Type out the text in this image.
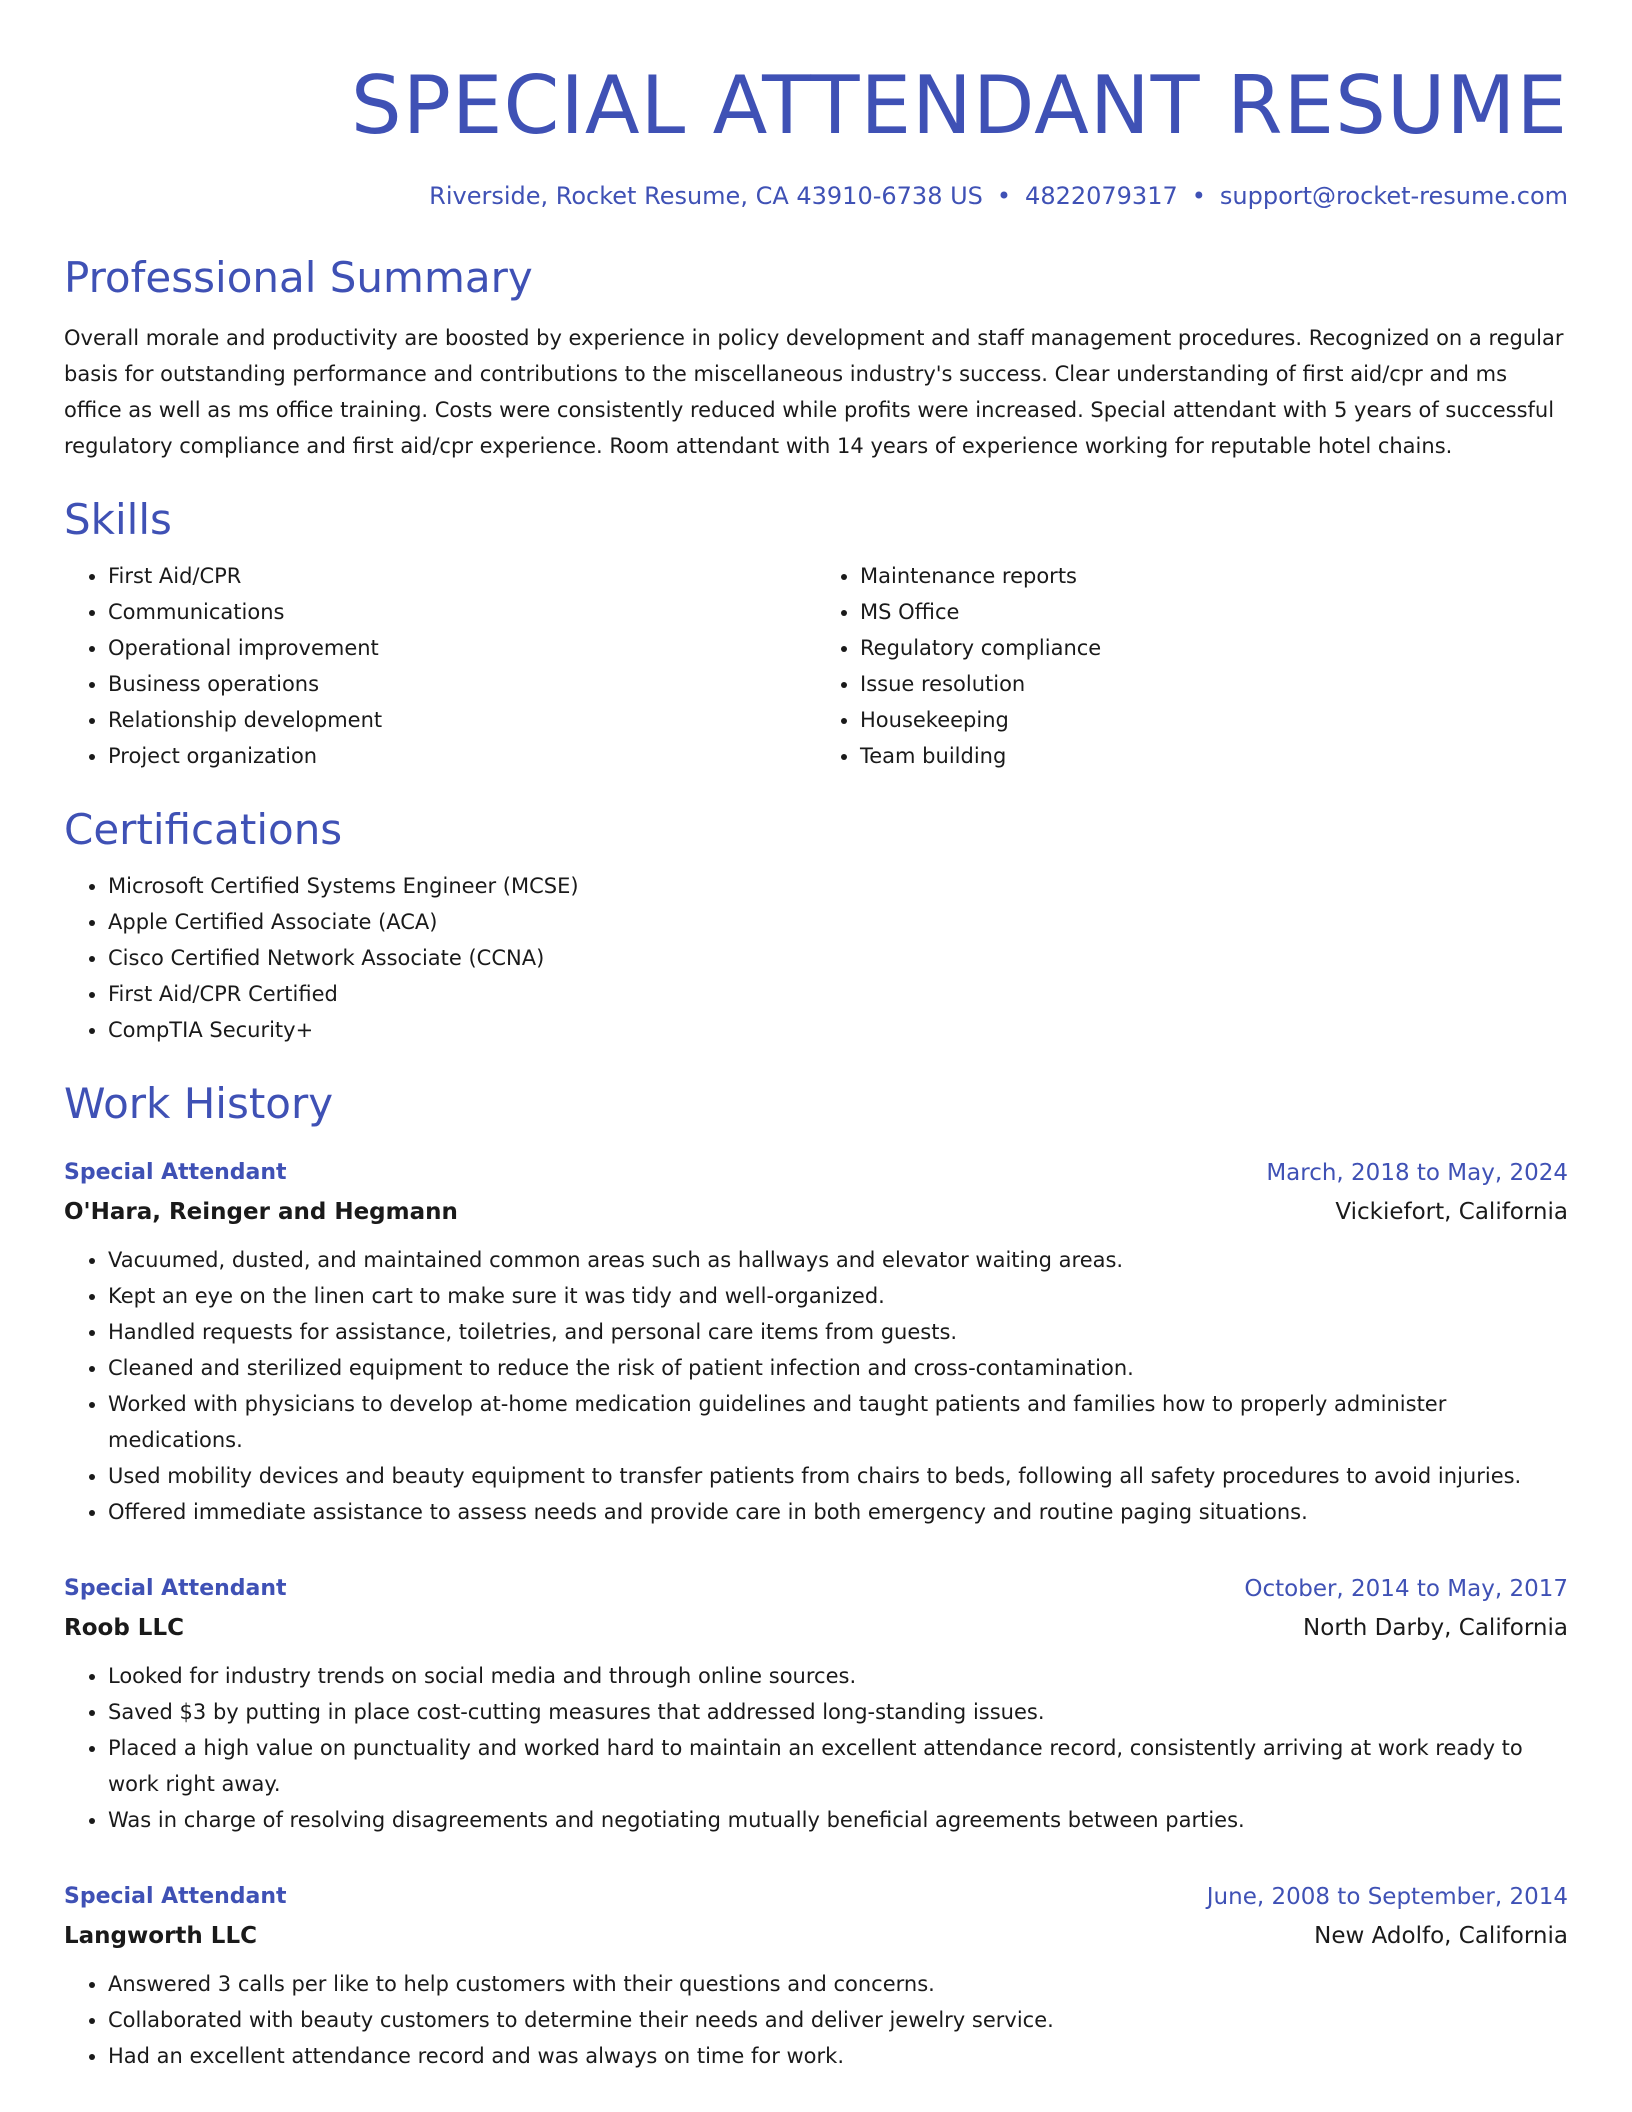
SPECIAL ATTENDANT RESUME
Riverside, Rocket Resume, CA 43910-6738 US • 4822079317 • support@rocket-resume.com
Professional Summary

Overall morale and productivity are boosted by experience in policy development and staff management procedures. Recognized on a regular basis for outstanding performance and contributions to the miscellaneous industry's success. Clear understanding of first aid/cpr and ms office as well as ms office training. Costs were consistently reduced while profits were increased. Special attendant with 5 years of successful regulatory compliance and first aid/cpr experience. Room attendant with 14 years of experience working for reputable hotel chains.

Skills
• First Aid/CPR
• Communications
• Operational improvement
• Business operations
• Relationship development
• Project organization
• Maintenance reports
• MS Office
• Regulatory compliance
• Issue resolution
• Housekeeping
• Team building
Certifications
• Microsoft Certified Systems Engineer (MCSE)
• Apple Certified Associate (ACA)
• Cisco Certified Network Associate (CCNA)
• First Aid/CPR Certified
• CompTIA Security+
Work History
Special Attendant	March, 2018 to May, 2024
O'Hara, Reinger and Hegmann	Vickiefort, California
• Vacuumed, dusted, and maintained common areas such as hallways and elevator waiting areas.
• Kept an eye on the linen cart to make sure it was tidy and well-organized.
• Handled requests for assistance, toiletries, and personal care items from guests.
• Cleaned and sterilized equipment to reduce the risk of patient infection and cross-contamination.
• Worked with physicians to develop at-home medication guidelines and taught patients and families how to properly administer medications.
• Used mobility devices and beauty equipment to transfer patients from chairs to beds, following all safety procedures to avoid injuries.
• Offered immediate assistance to assess needs and provide care in both emergency and routine paging situations.
Special Attendant	October, 2014 to May, 2017
Roob LLC	North Darby, California
• Looked for industry trends on social media and through online sources.
• Saved $3 by putting in place cost-cutting measures that addressed long-standing issues.
• Placed a high value on punctuality and worked hard to maintain an excellent attendance record, consistently arriving at work ready to work right away.
• Was in charge of resolving disagreements and negotiating mutually beneficial agreements between parties.
Special Attendant	June, 2008 to September, 2014
Langworth LLC	New Adolfo, California
• Answered 3 calls per like to help customers with their questions and concerns.
• Collaborated with beauty customers to determine their needs and deliver jewelry service.
• Had an excellent attendance record and was always on time for work.
